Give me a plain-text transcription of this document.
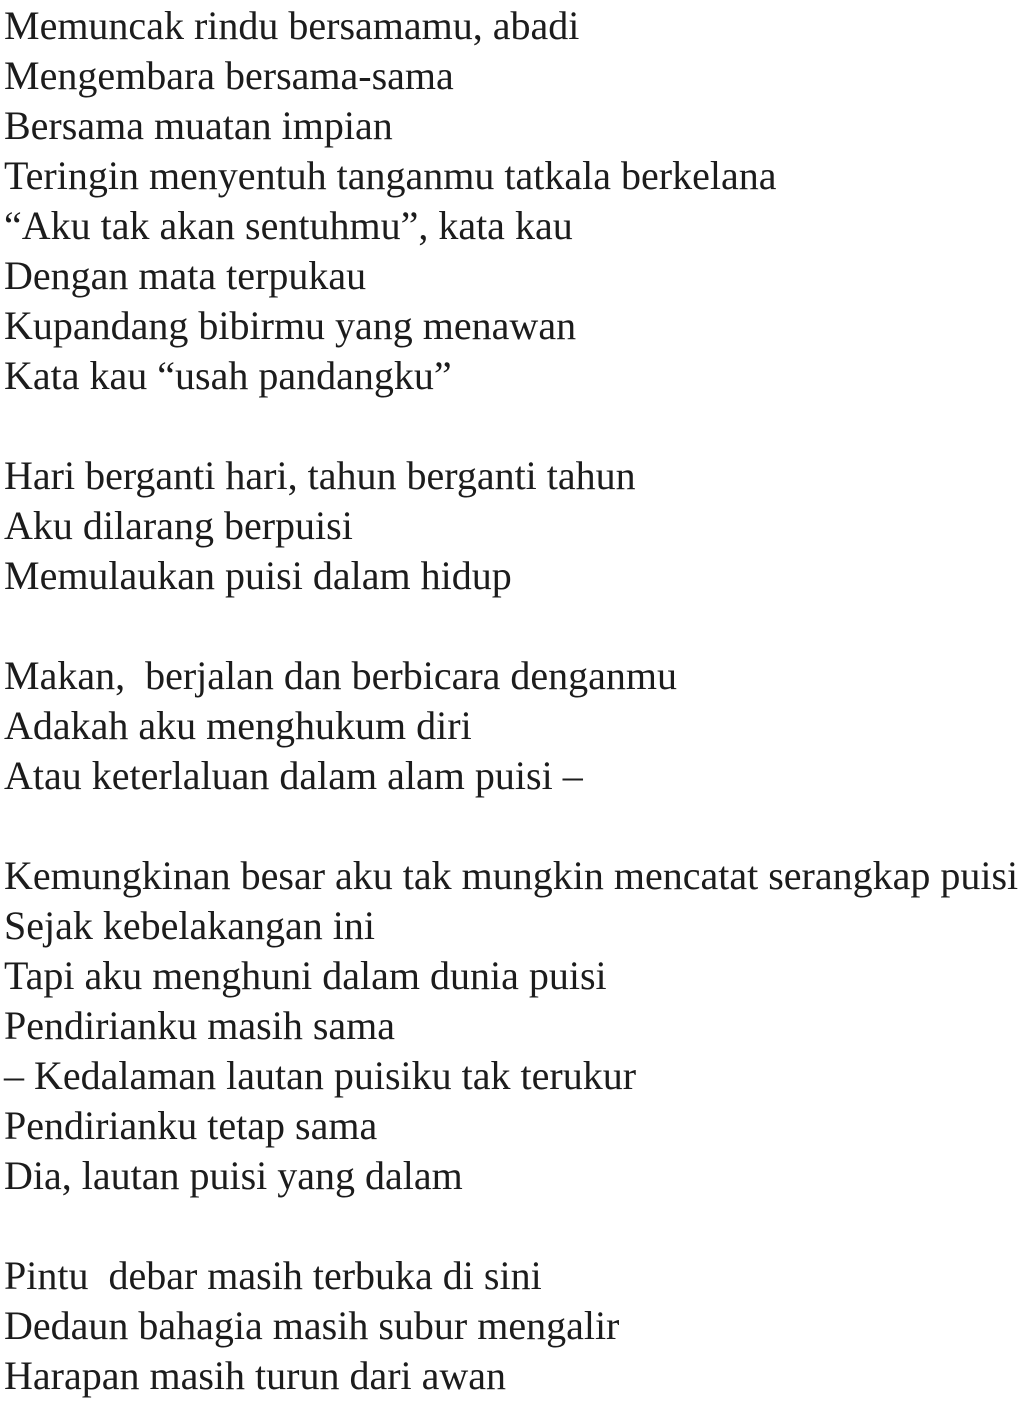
Memuncak rindu bersamamu, abadi
Mengembara bersama-sama
Bersama muatan impian
Teringin menyentuh tanganmu tatkala berkelana
“Aku tak akan sentuhmu”, kata kau
Dengan mata terpukau
Kupandang bibirmu yang menawan
Kata kau “usah pandangku”
Hari berganti hari, tahun berganti tahun
Aku dilarang berpuisi
Memulaukan puisi dalam hidup
Makan,  berjalan dan berbicara denganmu
Adakah aku menghukum diri
Atau keterlaluan dalam alam puisi –
Kemungkinan besar aku tak mungkin mencatat serangkap puisi
Sejak kebelakangan ini
Tapi aku menghuni dalam dunia puisi
Pendirianku masih sama
– Kedalaman lautan puisiku tak terukur
Pendirianku tetap sama
Dia, lautan puisi yang dalam
Pintu  debar masih terbuka di sini
Dedaun bahagia masih subur mengalir
Harapan masih turun dari awan
